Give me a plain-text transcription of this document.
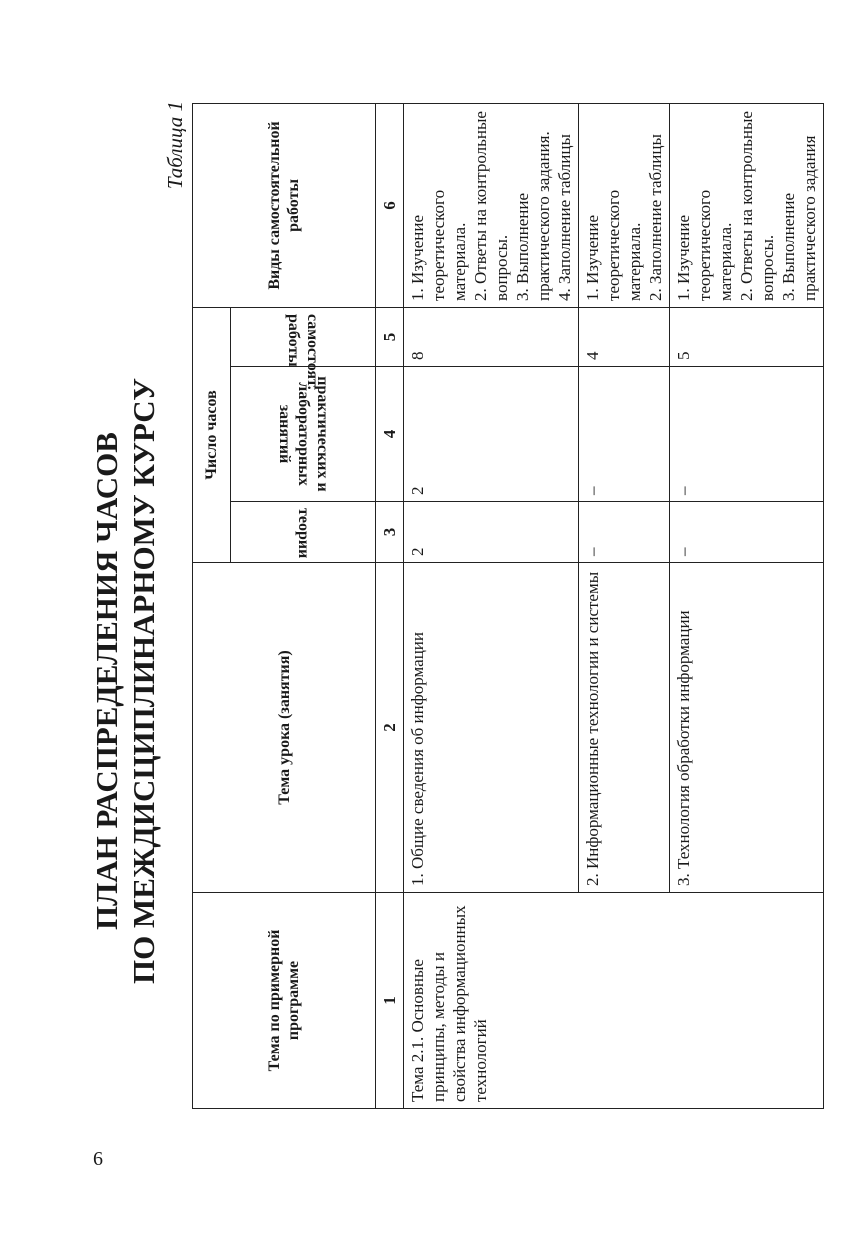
6
ПЛАН РАСПРЕДЕЛЕНИЯ ЧАСОВ ПО МЕЖДИСЦИПЛИНАРНОМУ КУРСУ
Таблица 1
Тема по примерной программе	Тема урока (занятия)	Число часов			Виды самостоятельной работы

		теории	практических и лабораторных занятий	самостоят. работы	

1	2	3	4	5	6
Тема 2.1. Основные принципы, методы и свойства информационных технологий	1. Общие сведения об информации	2	2	8	1. Изучение теоретического материала. 2. Ответы на контрольные вопросы. 3. Выполнение практического задания. 4. Заполнение таблицы

	2. Информационные технологии и системы	–	–	4	1. Изучение теоретического материала. 2. Заполнение таблицы

	3. Технология обработки информации	–	–	5	1. Изучение теоретического материала. 2. Ответы на контрольные вопросы. 3. Выполнение практического задания
